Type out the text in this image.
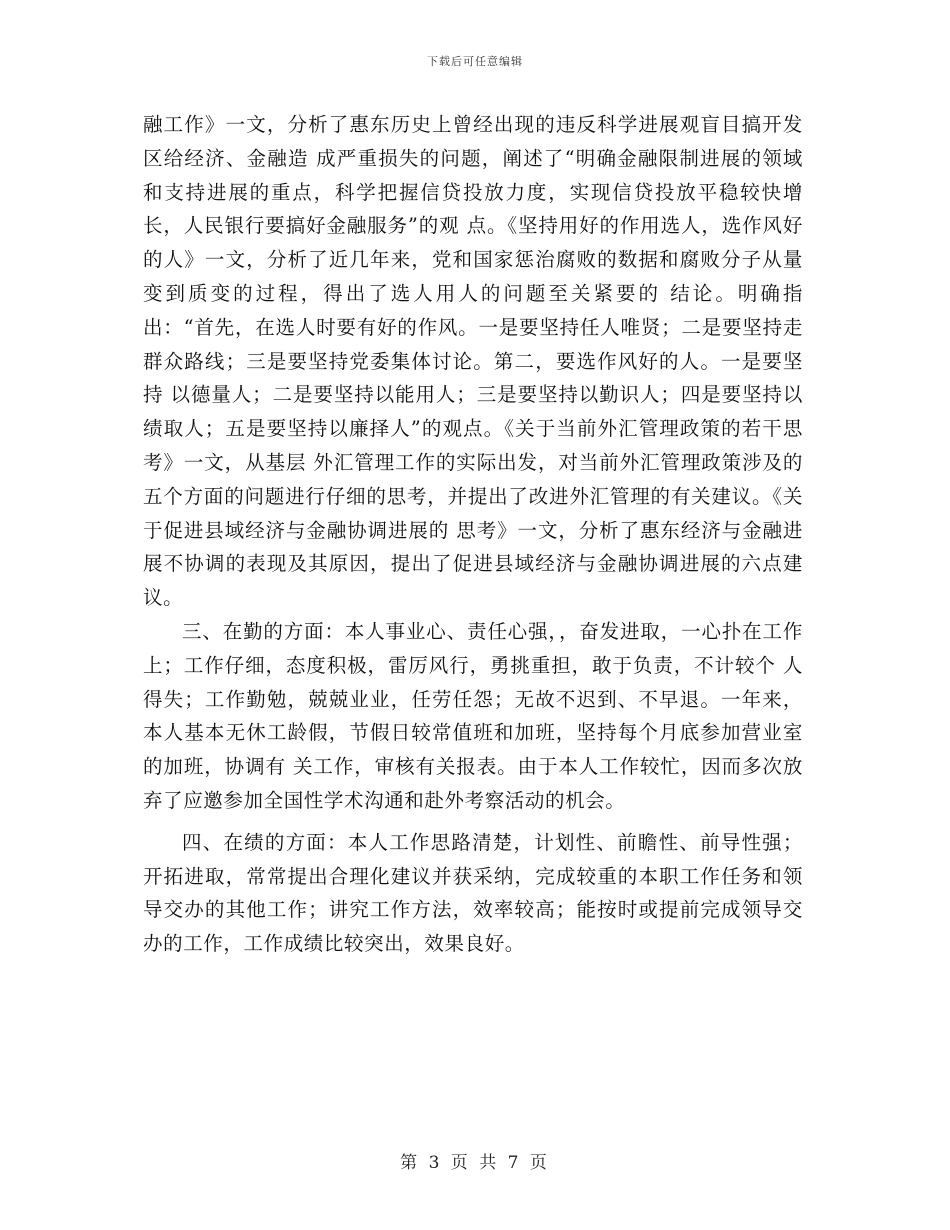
下载后可任意编辑

融工作》一文，分析了惠东历史上曾经出现的违反科学进展观盲目搞开发区给经济、金融造 成严重损失的问题，阐述了“明确金融限制进展的领域和支持进展的重点，科学把握信贷投放力度，实现信贷投放平稳较快增长，人民银行要搞好金融服务”的观 点。《坚持用好的作用选人，选作风好的人》一文，分析了近几年来，党和国家惩治腐败的数据和腐败分子从量变到质变的过程，得出了选人用人的问题至关紧要的 结论。明确指出：“首先，在选人时要有好的作风。一是要坚持任人唯贤；二是要坚持走群众路线；三是要坚持党委集体讨论。第二，要选作风好的人。一是要坚持 以德量人；二是要坚持以能用人；三是要坚持以勤识人；四是要坚持以绩取人；五是要坚持以廉择人”的观点。《关于当前外汇管理政策的若干思考》一文，从基层 外汇管理工作的实际出发，对当前外汇管理政策涉及的五个方面的问题进行仔细的思考，并提出了改进外汇管理的有关建议。《关于促进县域经济与金融协调进展的 思考》一文，分析了惠东经济与金融进展不协调的表现及其原因，提出了促进县域经济与金融协调进展的六点建议。

三、在勤的方面：本人事业心、责任心强，，奋发进取，一心扑在工作上；工作仔细，态度积极，雷厉风行，勇挑重担，敢于负责，不计较个 人得失；工作勤勉，兢兢业业，任劳任怨；无故不迟到、不早退。一年来，本人基本无休工龄假，节假日较常值班和加班，坚持每个月底参加营业室的加班，协调有 关工作，审核有关报表。由于本人工作较忙，因而多次放弃了应邀参加全国性学术沟通和赴外考察活动的机会。

四、在绩的方面：本人工作思路清楚，计划性、前瞻性、前导性强；开拓进取，常常提出合理化建议并获采纳，完成较重的本职工作任务和领导交办的其他工作；讲究工作方法，效率较高；能按时或提前完成领导交办的工作，工作成绩比较突出，效果良好。

第 3 页 共 7 页
